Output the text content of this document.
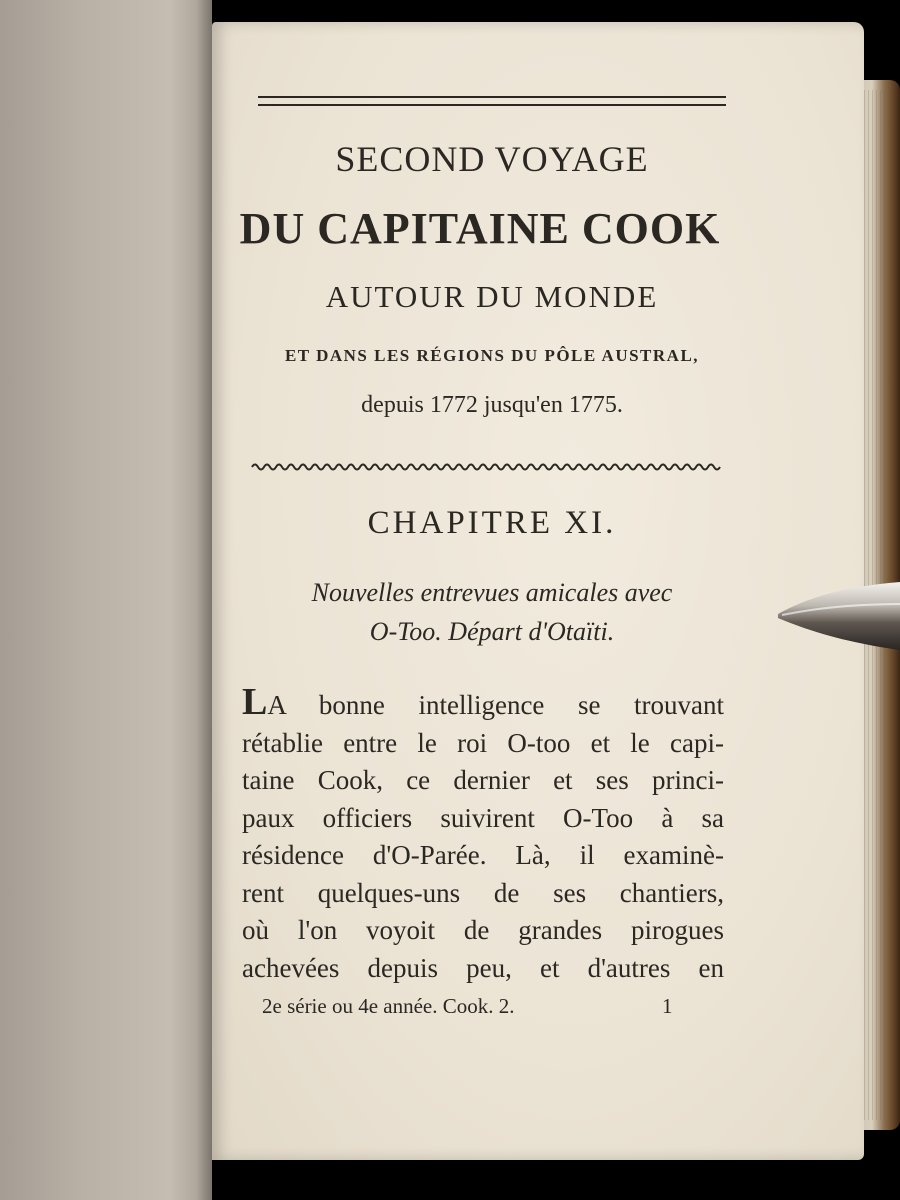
SECOND VOYAGE
DU CAPITAINE COOK
AUTOUR DU MONDE
ET DANS LES RÉGIONS DU PÔLE AUSTRAL,
depuis 1772 jusqu'en 1775.
CHAPITRE XI.
Nouvelles entrevues amicales avec
O-Too. Départ d'Otaïti.
LA bonne intelligence se trouvant
rétablie entre le roi O-too et le capi-
taine Cook, ce dernier et ses princi-
paux officiers suivirent O-Too à sa
résidence d'O-Parée. Là, il examinè-
rent quelques-uns de ses chantiers,
où l'on voyoit de grandes pirogues
achevées depuis peu, et d'autres en
2e série ou 4e année. Cook. 2.	1
